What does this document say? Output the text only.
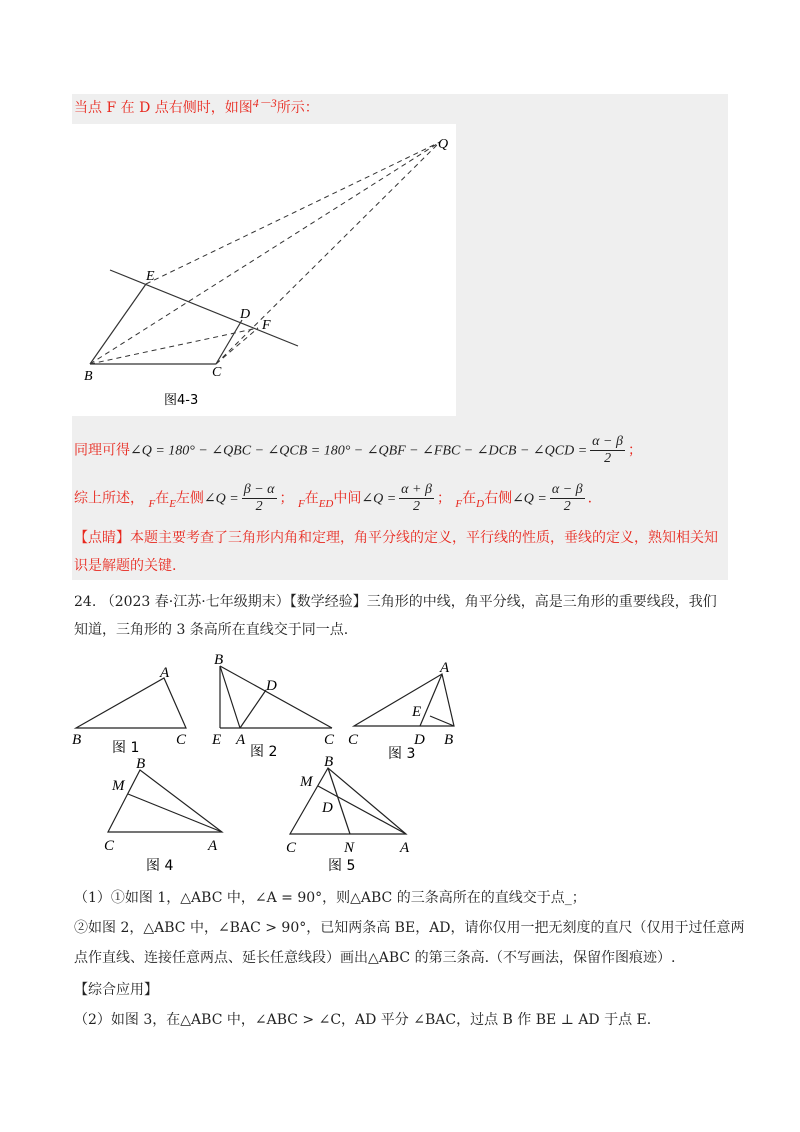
当点 F 在 D 点右侧时，如图4－3所示：
Q
E
D
F
B	C
图4-3
同理可得∠Q = 180° − ∠QBC − ∠QCB = 180° − ∠QBF − ∠FBC − ∠DCB − ∠QCD = $\frac{\alpha - \beta}{2}$ ；
综上所述， $_F$在$_E$左侧∠Q = $\frac{\beta - \alpha}{2}$ ； $_F$在$_{ED}$中间∠Q = $\frac{\alpha + \beta}{2}$ ； $_F$在$_D$右侧∠Q = $\frac{\alpha - \beta}{2}$ .
【点睛】本题主要考查了三角形内角和定理，角平分线的定义，平行线的性质，垂线的定义，熟知相关知
识是解题的关键.
24. （2023 春·江苏·七年级期末）【数学经验】三角形的中线，角平分线，高是三角形的重要线段，我们
知道，三角形的 3 条高所在直线交于同一点.
A
B	C
图 1
B
D
E A	C
图 2
A
E
C	D B
图 3
B
M
C	A
图 4
B
M
D
C	N	A
图 5
（1）①如图 1，△ABC 中，∠A = 90°，则△ABC 的三条高所在的直线交于点_；
②如图 2，△ABC 中，∠BAC > 90°，已知两条高 BE，AD，请你仅用一把无刻度的直尺（仅用于过任意两
点作直线、连接任意两点、延长任意线段）画出△ABC 的第三条高.（不写画法，保留作图痕迹）.
【综合应用】
（2）如图 3，在△ABC 中，∠ABC > ∠C，AD 平分 ∠BAC，过点 B 作 BE ⊥ AD 于点 E.
